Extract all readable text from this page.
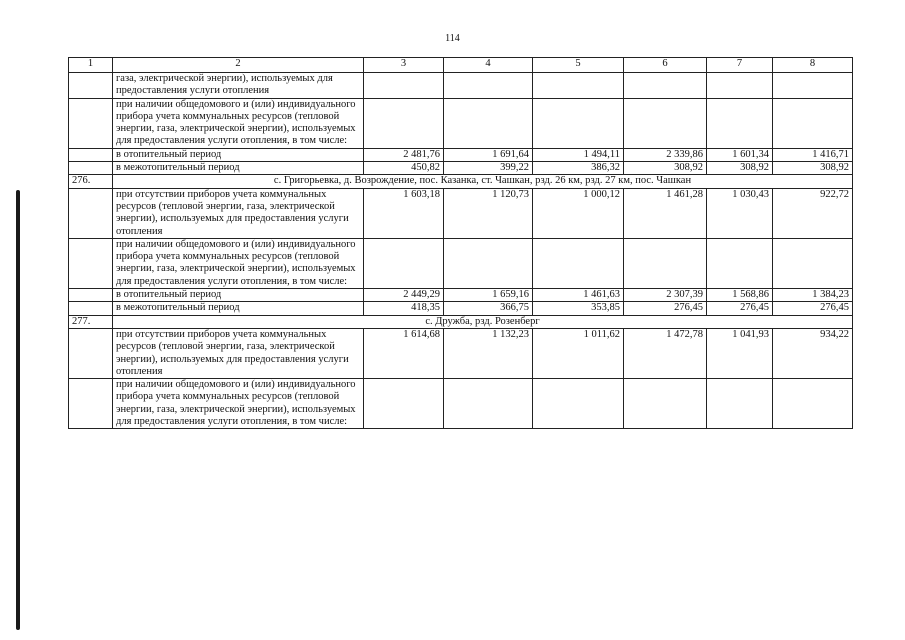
114
1	2	3	4	5	6	7	8
	газа, электрической энергии), используемых для предоставления услуги отопления						
	при наличии общедомового и (или) индивидуального прибора учета коммунальных ресурсов (тепловой энергии, газа, электрической энергии), используемых для предоставления услуги отопления, в том числе:						
	в отопительный период	2 481,76	1 691,64	1 494,11	2 339,86	1 601,34	1 416,71
	в межотопительный период	450,82	399,22	386,32	308,92	308,92	308,92
276.	с. Григорьевка, д. Возрождение, пос. Казанка, ст. Чашкан, рзд. 26 км, рзд. 27 км, пос. Чашкан						
	при отсутствии приборов учета коммунальных ресурсов (тепловой энергии, газа, электрической энергии), используемых для предоставления услуги отопления	1 603,18	1 120,73	1 000,12	1 461,28	1 030,43	922,72
	при наличии общедомового и (или) индивидуального прибора учета коммунальных ресурсов (тепловой энергии, газа, электрической энергии), используемых для предоставления услуги отопления, в том числе:						
	в отопительный период	2 449,29	1 659,16	1 461,63	2 307,39	1 568,86	1 384,23
	в межотопительный период	418,35	366,75	353,85	276,45	276,45	276,45
277.	с. Дружба, рзд. Розенберг						
	при отсутствии приборов учета коммунальных ресурсов (тепловой энергии, газа, электрической энергии), используемых для предоставления услуги отопления	1 614,68	1 132,23	1 011,62	1 472,78	1 041,93	934,22
	при наличии общедомового и (или) индивидуального прибора учета коммунальных ресурсов (тепловой энергии, газа, электрической энергии), используемых для предоставления услуги отопления, в том числе:						
